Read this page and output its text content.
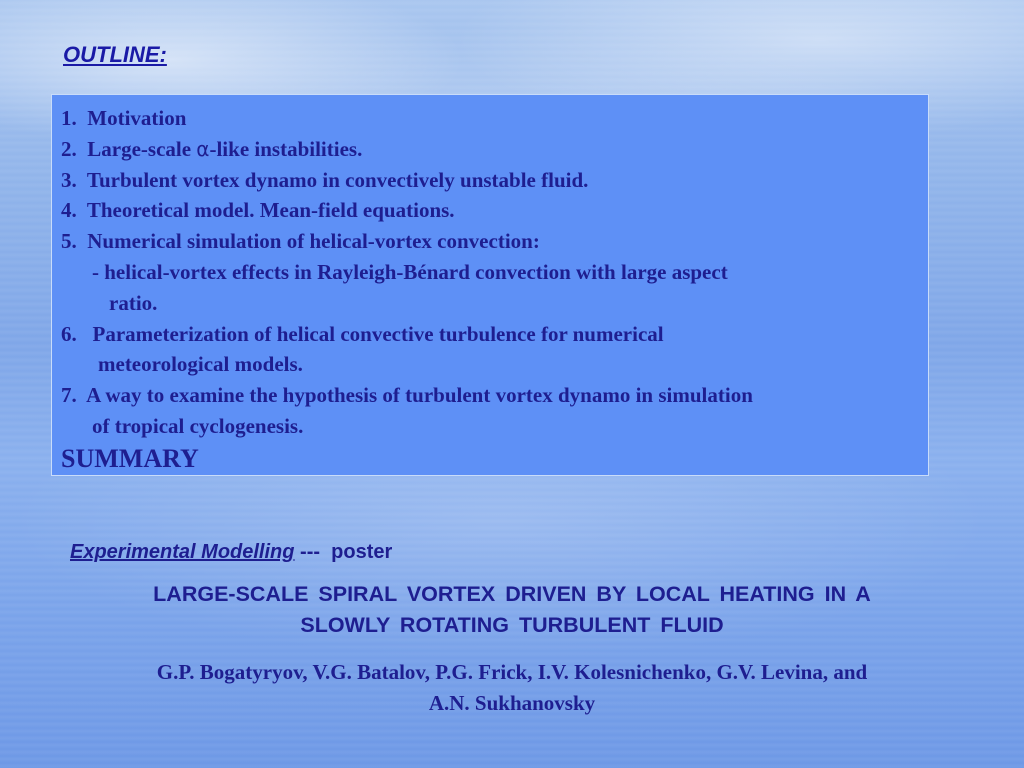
OUTLINE:
1. Motivation
2. Large-scale α-like instabilities.
3. Turbulent vortex dynamo in convectively unstable fluid.
4. Theoretical model. Mean-field equations.
5. Numerical simulation of helical-vortex convection:
- helical-vortex effects in Rayleigh-Bénard convection with large aspect
ratio.
6. Parameterization of helical convective turbulence for numerical
meteorological models.
7. A way to examine the hypothesis of turbulent vortex dynamo in simulation
of tropical cyclogenesis.
SUMMARY
Experimental Modelling ---  poster
LARGE-SCALE SPIRAL VORTEX DRIVEN BY LOCAL HEATING IN A
SLOWLY ROTATING TURBULENT FLUID
G.P. Bogatyryov, V.G. Batalov, P.G. Frick, I.V. Kolesnichenko, G.V. Levina, and
A.N. Sukhanovsky
